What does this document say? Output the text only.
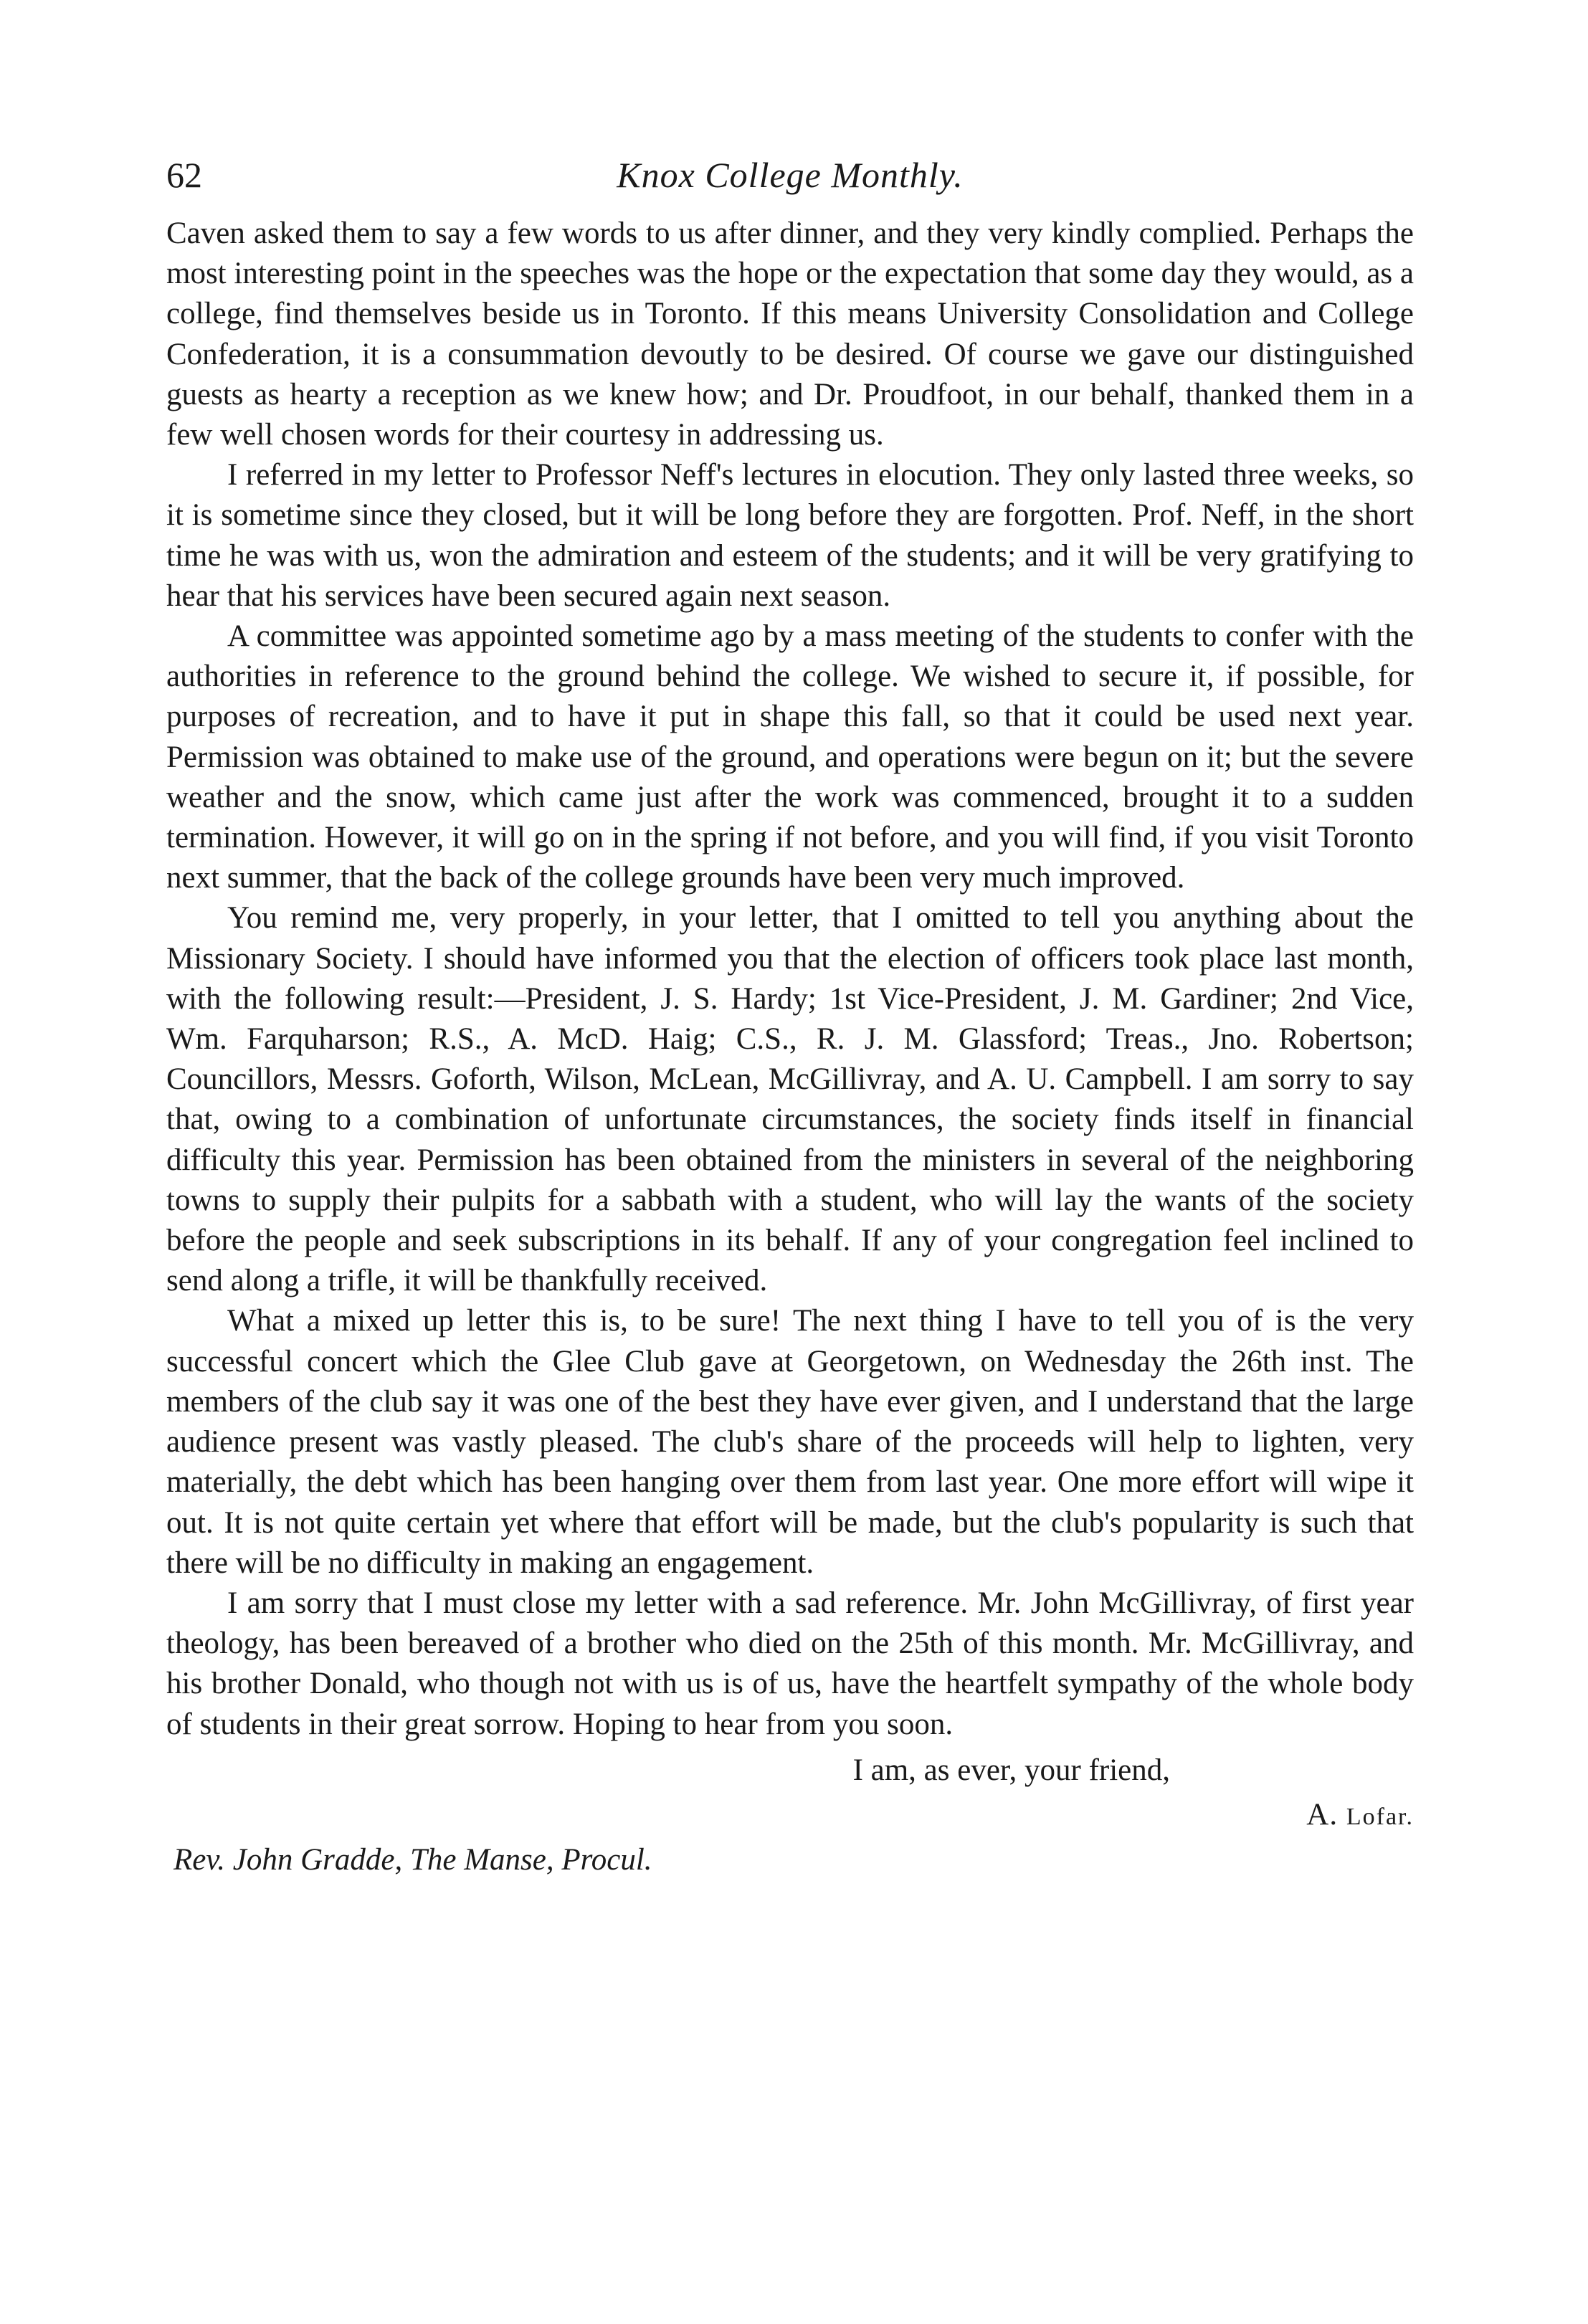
62	Knox College Monthly.

Caven asked them to say a few words to us after dinner, and they very kindly complied. Perhaps the most interesting point in the speeches was the hope or the expectation that some day they would, as a college, find themselves beside us in Toronto. If this means University Consolidation and College Confederation, it is a consummation devoutly to be desired. Of course we gave our distinguished guests as hearty a reception as we knew how; and Dr. Proudfoot, in our behalf, thanked them in a few well chosen words for their courtesy in addressing us.

I referred in my letter to Professor Neff's lectures in elocution. They only lasted three weeks, so it is sometime since they closed, but it will be long before they are forgotten. Prof. Neff, in the short time he was with us, won the admiration and esteem of the students; and it will be very gratifying to hear that his services have been secured again next season.

A committee was appointed sometime ago by a mass meeting of the students to confer with the authorities in reference to the ground behind the college. We wished to secure it, if possible, for purposes of recreation, and to have it put in shape this fall, so that it could be used next year. Permission was obtained to make use of the ground, and operations were begun on it; but the severe weather and the snow, which came just after the work was commenced, brought it to a sudden termination. However, it will go on in the spring if not before, and you will find, if you visit Toronto next summer, that the back of the college grounds have been very much improved.

You remind me, very properly, in your letter, that I omitted to tell you anything about the Missionary Society. I should have informed you that the election of officers took place last month, with the following result:—President, J. S. Hardy; 1st Vice-President, J. M. Gardiner; 2nd Vice, Wm. Farquharson; R.S., A. McD. Haig; C.S., R. J. M. Glassford; Treas., Jno. Robertson; Councillors, Messrs. Goforth, Wilson, McLean, McGillivray, and A. U. Campbell. I am sorry to say that, owing to a combination of unfortunate circumstances, the society finds itself in financial difficulty this year. Permission has been obtained from the ministers in several of the neighboring towns to supply their pulpits for a sabbath with a student, who will lay the wants of the society before the people and seek subscriptions in its behalf. If any of your congregation feel inclined to send along a trifle, it will be thankfully received.

What a mixed up letter this is, to be sure! The next thing I have to tell you of is the very successful concert which the Glee Club gave at Georgetown, on Wednesday the 26th inst. The members of the club say it was one of the best they have ever given, and I understand that the large audience present was vastly pleased. The club's share of the proceeds will help to lighten, very materially, the debt which has been hanging over them from last year. One more effort will wipe it out. It is not quite certain yet where that effort will be made, but the club's popularity is such that there will be no difficulty in making an engagement.

I am sorry that I must close my letter with a sad reference. Mr. John McGillivray, of first year theology, has been bereaved of a brother who died on the 25th of this month. Mr. McGillivray, and his brother Donald, who though not with us is of us, have the heartfelt sympathy of the whole body of students in their great sorrow. Hoping to hear from you soon.

I am, as ever, your friend,
A. Lofar.
Rev. John Gradde, The Manse, Procul.
